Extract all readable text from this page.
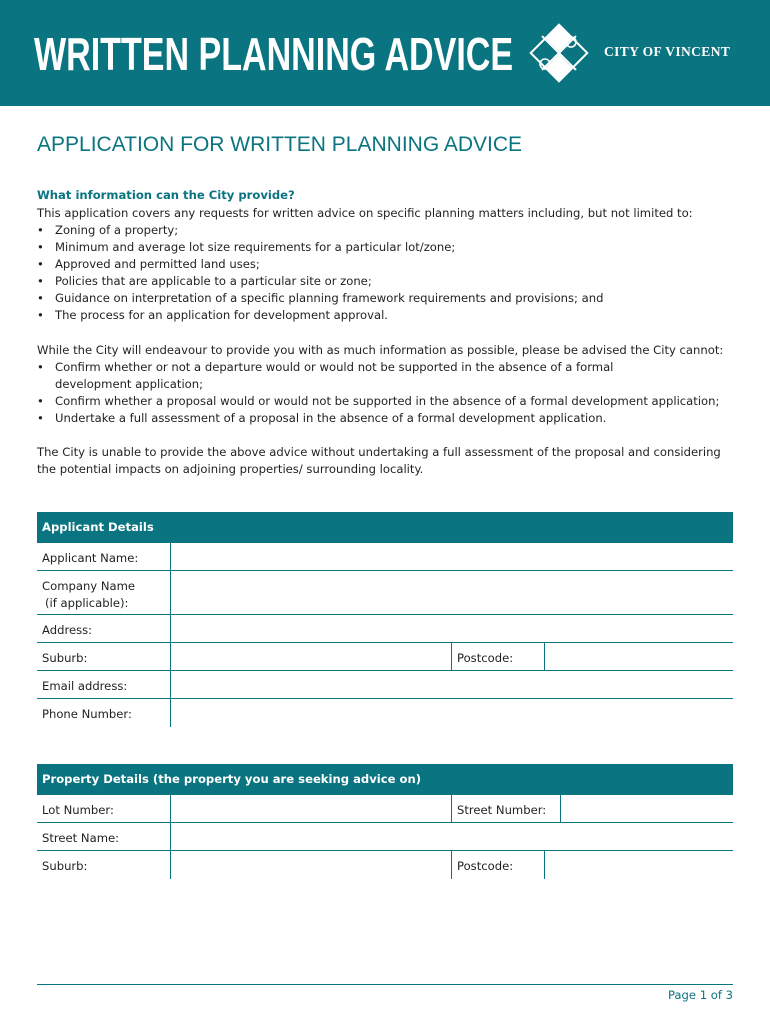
WRITTEN PLANNING ADVICE	CITY OF VINCENT
APPLICATION FOR WRITTEN PLANNING ADVICE
What information can the City provide?
This application covers any requests for written advice on specific planning matters including, but not limited to:
• Zoning of a property;
• Minimum and average lot size requirements for a particular lot/zone;
• Approved and permitted land uses;
• Policies that are applicable to a particular site or zone;
• Guidance on interpretation of a specific planning framework requirements and provisions; and
• The process for an application for development approval.
While the City will endeavour to provide you with as much information as possible, please be advised the City cannot:
• Confirm whether or not a departure would or would not be supported in the absence of a formal development application;
• Confirm whether a proposal would or would not be supported in the absence of a formal development application;
• Undertake a full assessment of a proposal in the absence of a formal development application.
The City is unable to provide the above advice without undertaking a full assessment of the proposal and considering the potential impacts on adjoining properties/ surrounding locality.
Applicant Details
Applicant Name:
Company Name
(if applicable):
Address:
Suburb:	Postcode:
Email address:
Phone Number:
Property Details (the property you are seeking advice on)
Lot Number:	Street Number:
Street Name:
Suburb:	Postcode:
Page 1 of 3
